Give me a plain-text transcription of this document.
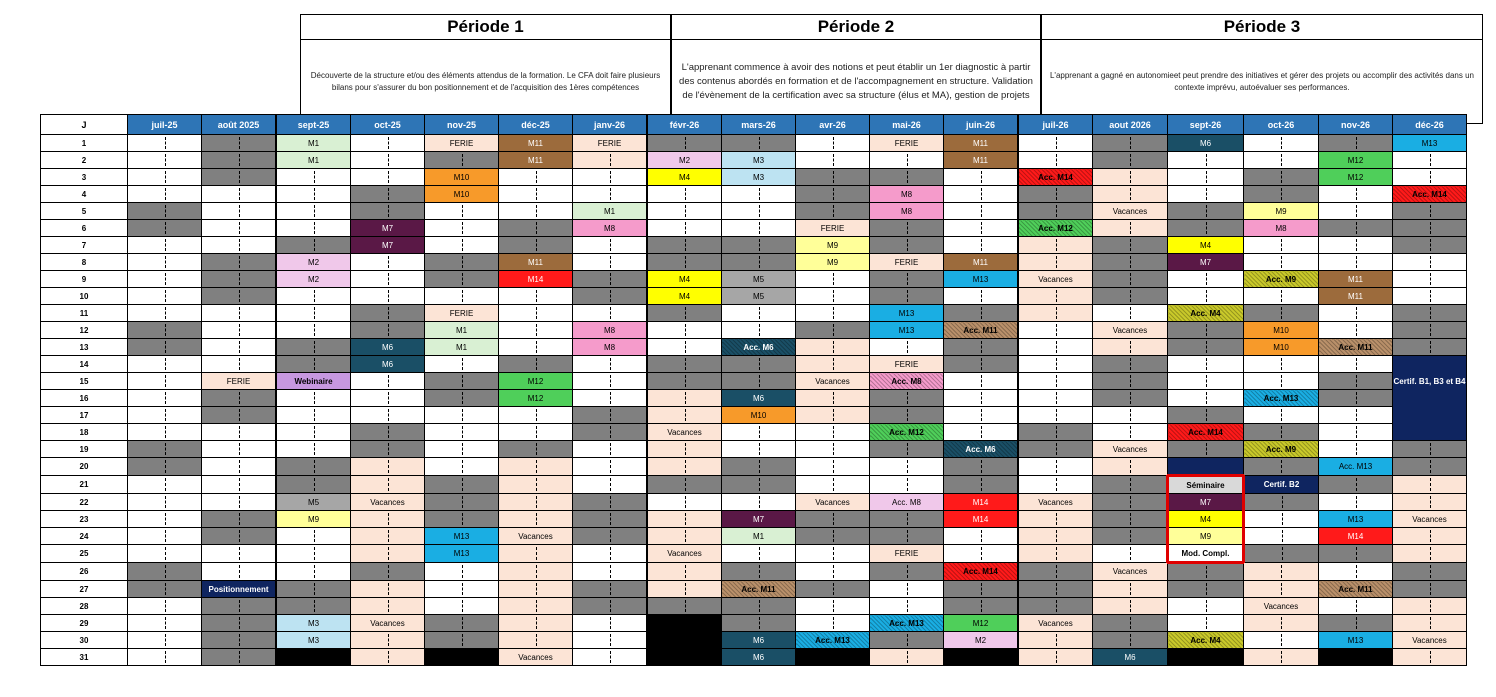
Période 1	Période 2	Période 3
Découverte de la structure et/ou des éléments attendus de la formation. Le CFA doit faire plusieurs bilans pour s'assurer du bon positionnement et de l'acquisition des 1ères compétences
L'apprenant commence à avoir des notions et peut établir un 1er diagnostic à partir des contenus abordés en formation et de l'accompagnement en structure. Validation de l'évènement de la certification avec sa structure (élus et MA), gestion de projets
L'apprenant a gagné en autonomieet peut prendre des initiatives et gérer des projets ou accomplir des activités dans un contexte imprévu, autoévaluer ses performances.
J	juil-25	août 2025	sept-25	oct-25	nov-25	déc-25	janv-26	févr-26	mars-26	avr-26	mai-26	juin-26	juil-26	aout 2026	sept-26	oct-26	nov-26	déc-26
1			M1		FERIE	M11	FERIE				FERIE	M11			M6			M13
2			M1			M11		M2	M3			M11					M12	
3					M10			M4	M3				Acc. M14				M12	
4					M10						M8							Acc. M14
5							M1				M8			Vacances		M9		
6				M7			M8			FERIE			Acc. M12			M8		
7				M7						M9					M4			
8			M2			M11				M9	FERIE	M11			M7			
9			M2			M14		M4	M5			M13	Vacances			Acc. M9	M11	
10								M4	M5								M11	
11					FERIE						M13				Acc. M4			
12					M1		M8				M13	Acc. M11		Vacances		M10		
13				M6	M1		M8		Acc. M6							M10	Acc. M11	
14				M6							FERIE							
15		FERIE	Webinaire			M12				Vacances	Acc. M8							Certif. B1, B3 et B4
16						M12			M6							Acc. M13		
17									M10									
18								Vacances			Acc. M12				Acc. M14			
19												Acc. M6		Vacances		Acc. M9		
20																	Acc. M13	
21															Séminaire	Certif. B2		
22			M5	Vacances						Vacances	Acc. M8	M14	Vacances		M7			
23			M9						M7			M14			M4		M13	Vacances
24					M13	Vacances			M1						M9		M14	
25					M13			Vacances			FERIE				Mod. Compl.			
26												Acc. M14		Vacances				
27		Positionnement							Acc. M11								Acc. M11	
28																Vacances		
29			M3	Vacances							Acc. M13	M12	Vacances					
30			M3						M6	Acc. M13		M2			Acc. M4		M13	Vacances
31						Vacances			M6					M6				
